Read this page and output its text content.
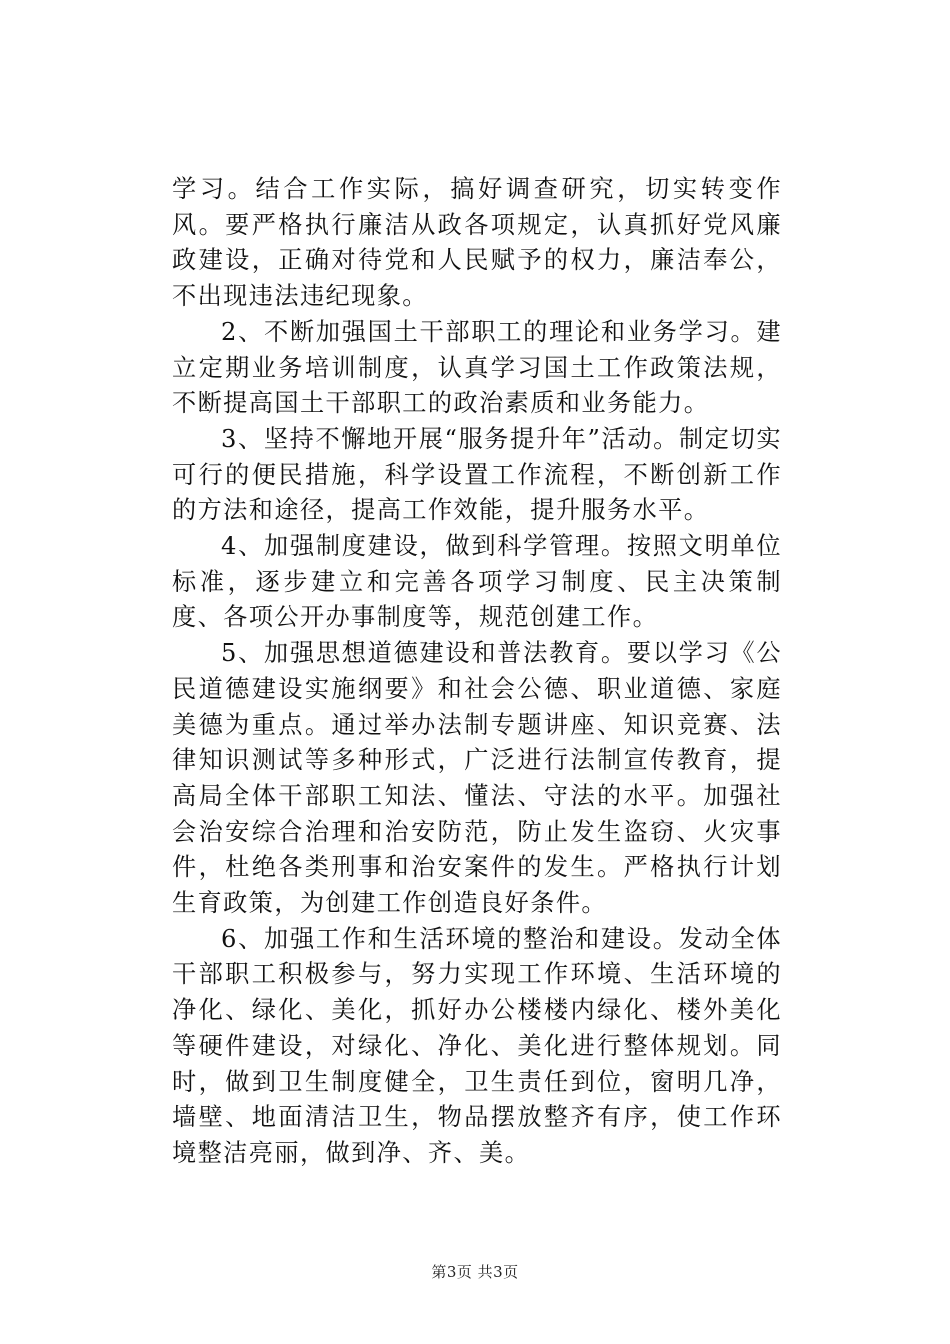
学习。结合工作实际，搞好调查研究，切实转变作风。要严格执行廉洁从政各项规定，认真抓好党风廉政建设，正确对待党和人民赋予的权力，廉洁奉公，不出现违法违纪现象。

2、不断加强国土干部职工的理论和业务学习。建立定期业务培训制度，认真学习国土工作政策法规，不断提高国土干部职工的政治素质和业务能力。

3、坚持不懈地开展“服务提升年”活动。制定切实可行的便民措施，科学设置工作流程，不断创新工作的方法和途径，提高工作效能，提升服务水平。

4、加强制度建设，做到科学管理。按照文明单位标准，逐步建立和完善各项学习制度、民主决策制度、各项公开办事制度等，规范创建工作。

5、加强思想道德建设和普法教育。要以学习《公民道德建设实施纲要》和社会公德、职业道德、家庭美德为重点。通过举办法制专题讲座、知识竞赛、法律知识测试等多种形式，广泛进行法制宣传教育，提高局全体干部职工知法、懂法、守法的水平。加强社会治安综合治理和治安防范，防止发生盗窃、火灾事件，杜绝各类刑事和治安案件的发生。严格执行计划生育政策，为创建工作创造良好条件。

6、加强工作和生活环境的整治和建设。发动全体干部职工积极参与，努力实现工作环境、生活环境的净化、绿化、美化，抓好办公楼楼内绿化、楼外美化等硬件建设，对绿化、净化、美化进行整体规划。同时，做到卫生制度健全，卫生责任到位，窗明几净，墙壁、地面清洁卫生，物品摆放整齐有序，使工作环境整洁亮丽，做到净、齐、美。

第3页 共3页
